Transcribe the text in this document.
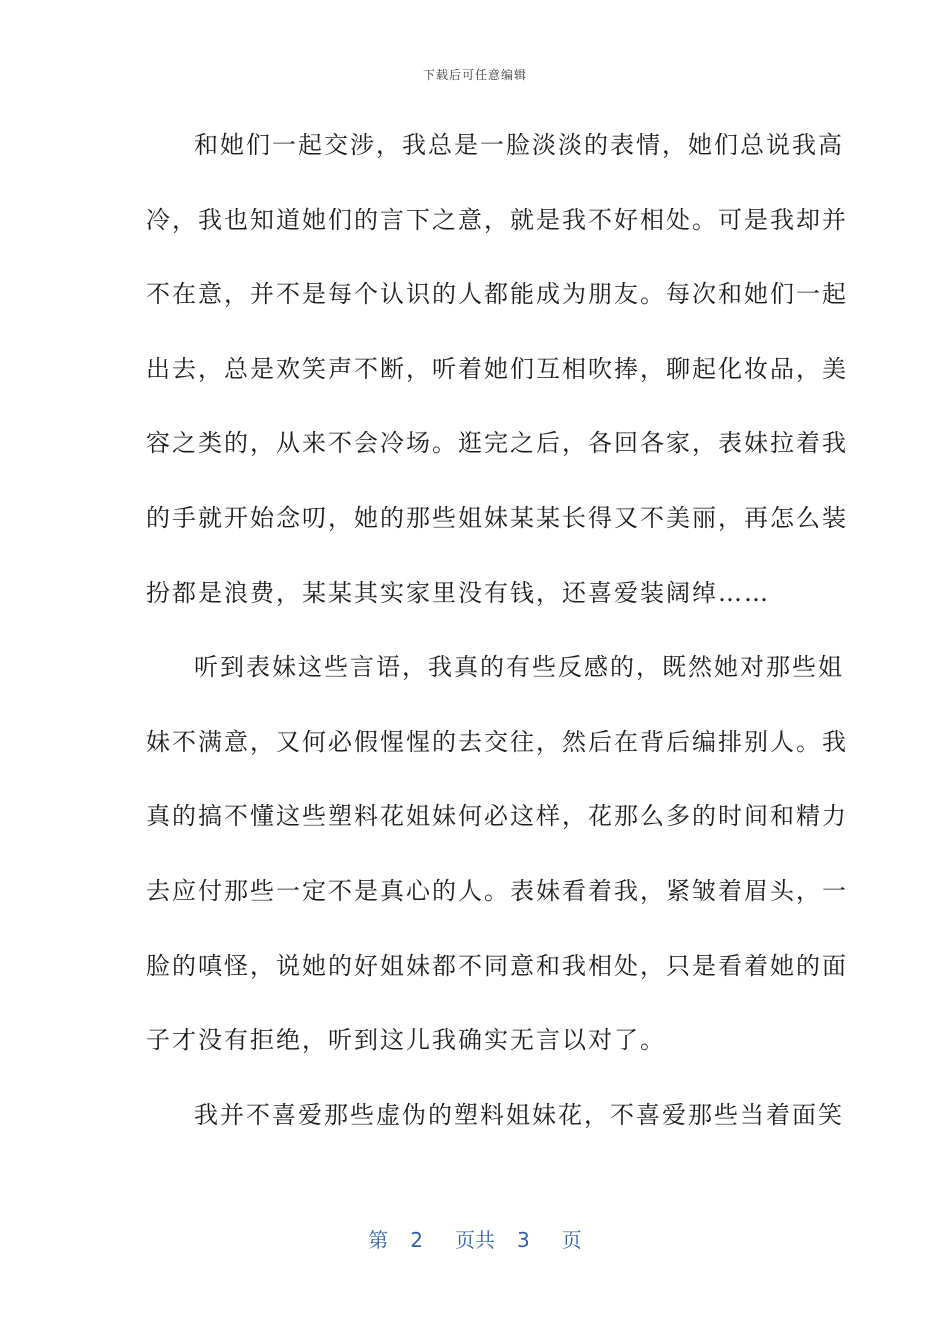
下载后可任意编辑
和她们一起交涉，我总是一脸淡淡的表情，她们总说我高
冷，我也知道她们的言下之意，就是我不好相处。可是我却并
不在意，并不是每个认识的人都能成为朋友。每次和她们一起
出去，总是欢笑声不断，听着她们互相吹捧，聊起化妆品，美
容之类的，从来不会冷场。逛完之后，各回各家，表妹拉着我
的手就开始念叨，她的那些姐妹某某长得又不美丽，再怎么装
扮都是浪费，某某其实家里没有钱，还喜爱装阔绰……
听到表妹这些言语，我真的有些反感的，既然她对那些姐
妹不满意，又何必假惺惺的去交往，然后在背后编排别人。我
真的搞不懂这些塑料花姐妹何必这样，花那么多的时间和精力
去应付那些一定不是真心的人。表妹看着我，紧皱着眉头，一
脸的嗔怪，说她的好姐妹都不同意和我相处，只是看着她的面
子才没有拒绝，听到这儿我确实无言以对了。
我并不喜爱那些虚伪的塑料姐妹花，不喜爱那些当着面笑
第 2 页共 3 页
